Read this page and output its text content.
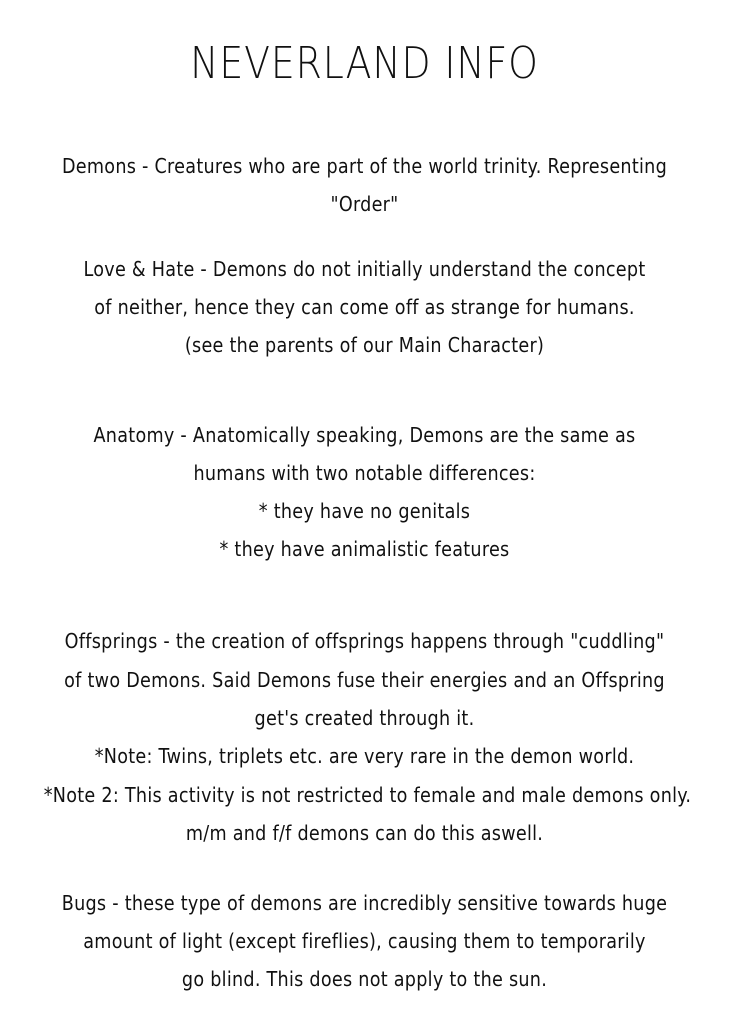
NEVERLAND INFO
Demons - Creatures who are part of the world trinity. Representing
"Order"
Love & Hate - Demons do not initially understand the concept
of neither, hence they can come off as strange for humans.
(see the parents of our Main Character)
Anatomy - Anatomically speaking, Demons are the same as
humans with two notable differences:
* they have no genitals
* they have animalistic features
Offsprings - the creation of offsprings happens through "cuddling"
of two Demons. Said Demons fuse their energies and an Offspring
get's created through it.
*Note: Twins, triplets etc. are very rare in the demon world.
*Note 2: This activity is not restricted to female and male demons only.
m/m and f/f demons can do this aswell.
Bugs - these type of demons are incredibly sensitive towards huge
amount of light (except fireflies), causing them to temporarily
go blind. This does not apply to the sun.
